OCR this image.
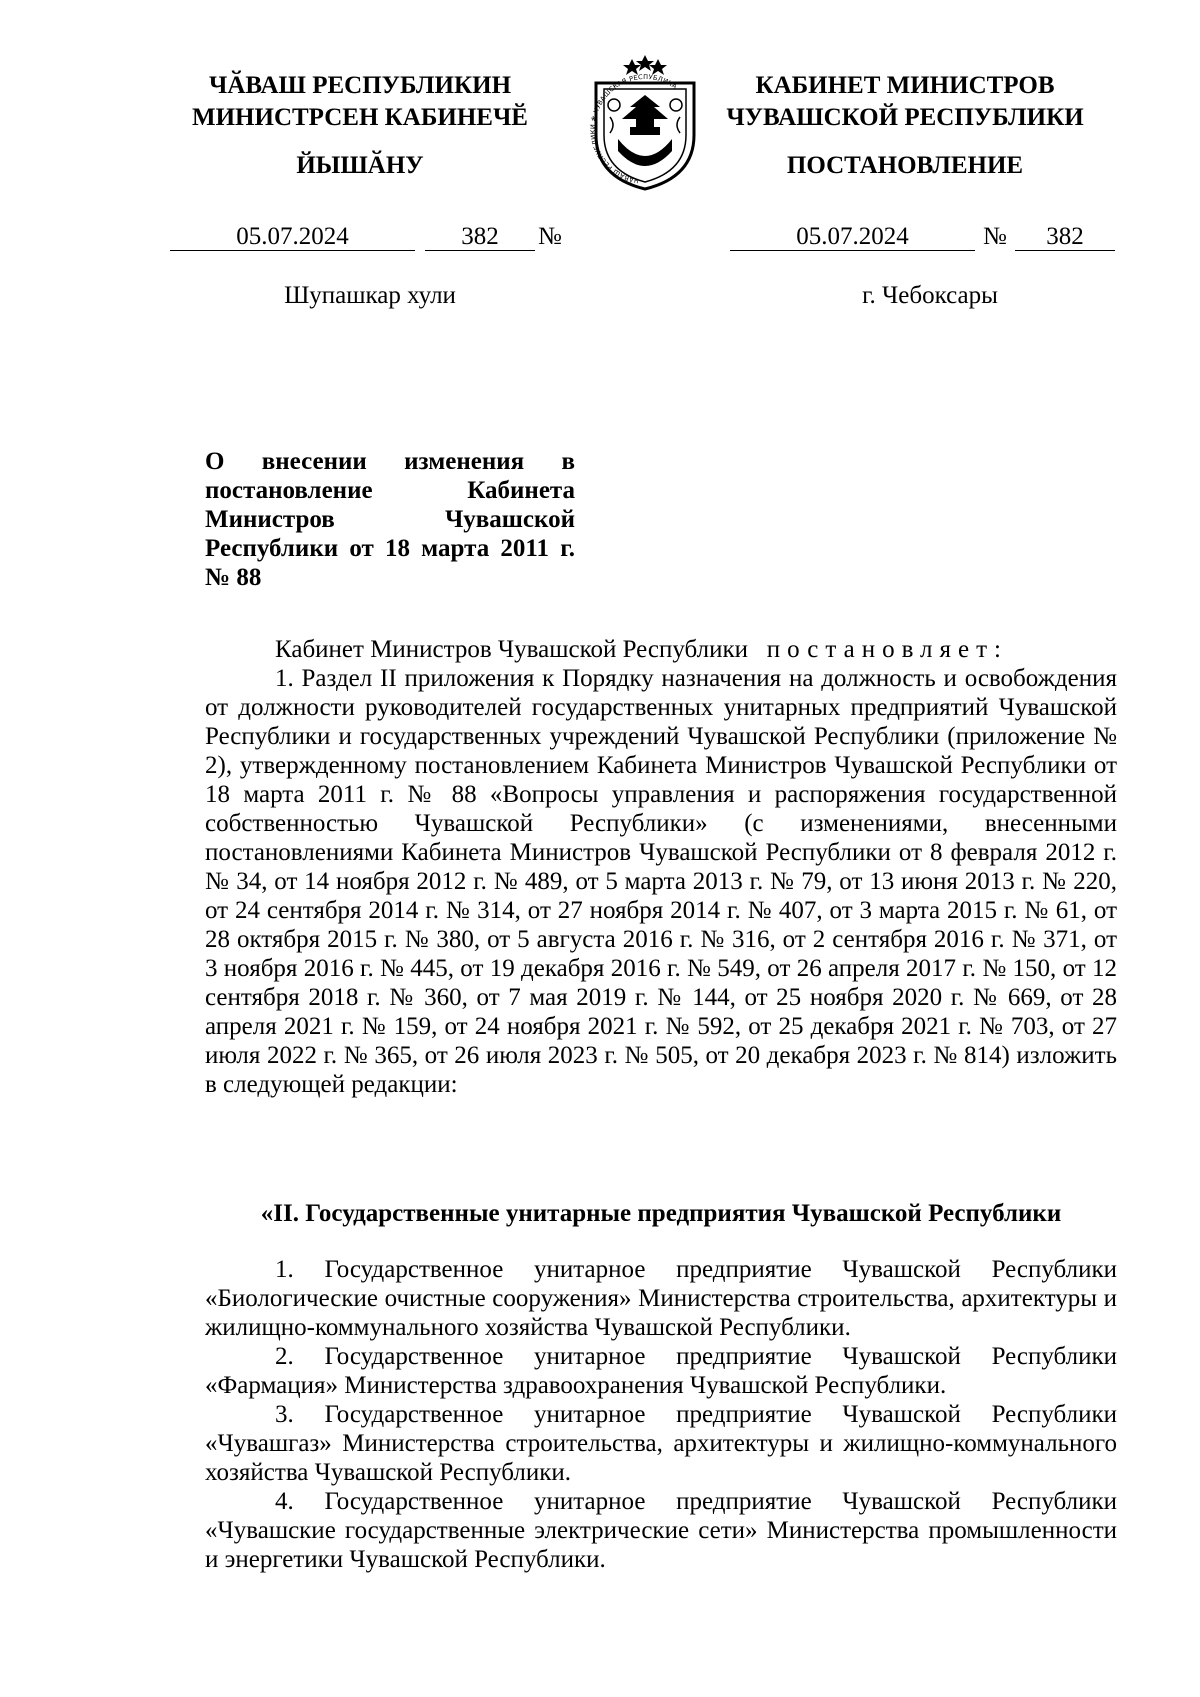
ЧӐВАШ РЕСПУБЛИКИН
МИНИСТРСЕН КАБИНЕЧӖ
ЙЫШӐНУ
КАБИНЕТ МИНИСТРОВ
ЧУВАШСКОЙ РЕСПУБЛИКИ
ПОСТАНОВЛЕНИЕ
ЧӐВАШ РЕСПУБЛИКИ ✻ ЧУВАШСКАЯ РЕСПУБЛИКА
05.07.2024	382	№	05.07.2024	№	382
Шупашкар хули	г. Чебоксары
О внесении изменения в постановление Кабинета Министров Чувашской Республики от 18 марта 2011 г. № 88

Кабинет Министров Чувашской Республики постановляет:

1. Раздел II приложения к Порядку назначения на должность и освобождения от должности руководителей государственных унитарных предприятий Чувашской Республики и государственных учреждений Чувашской Республики (приложение № 2), утвержденному постановлением Кабинета Министров Чувашской Республики от 18 марта 2011 г. № 88 «Вопросы управления и распоряжения государственной собственностью Чувашской Республики» (с изменениями, внесенными постановлениями Кабинета Министров Чувашской Республики от 8 февраля 2012 г. № 34, от 14 ноября 2012 г. № 489, от 5 марта 2013 г. № 79, от 13 июня 2013 г. № 220, от 24 сентября 2014 г. № 314, от 27 ноября 2014 г. № 407, от 3 марта 2015 г. № 61, от 28 октября 2015 г. № 380, от 5 августа 2016 г. № 316, от 2 сентября 2016 г. № 371, от 3 ноября 2016 г. № 445, от 19 декабря 2016 г. № 549, от 26 апреля 2017 г. № 150, от 12 сентября 2018 г. № 360, от 7 мая 2019 г. № 144, от 25 ноября 2020 г. № 669, от 28 апреля 2021 г. № 159, от 24 ноября 2021 г. № 592, от 25 декабря 2021 г. № 703, от 27 июля 2022 г. № 365, от 26 июля 2023 г. № 505, от 20 декабря 2023 г. № 814) изложить в следующей редакции:

«II. Государственные унитарные предприятия Чувашской Республики

1. Государственное унитарное предприятие Чувашской Республики «Биологические очистные сооружения» Министерства строительства, архитектуры и жилищно-коммунального хозяйства Чувашской Республики.

2. Государственное унитарное предприятие Чувашской Республики «Фармация» Министерства здравоохранения Чувашской Республики.

3. Государственное унитарное предприятие Чувашской Республики «Чувашгаз» Министерства строительства, архитектуры и жилищно-коммунального хозяйства Чувашской Республики.

4. Государственное унитарное предприятие Чувашской Республики «Чувашские государственные электрические сети» Министерства промышленности и энергетики Чувашской Республики.
